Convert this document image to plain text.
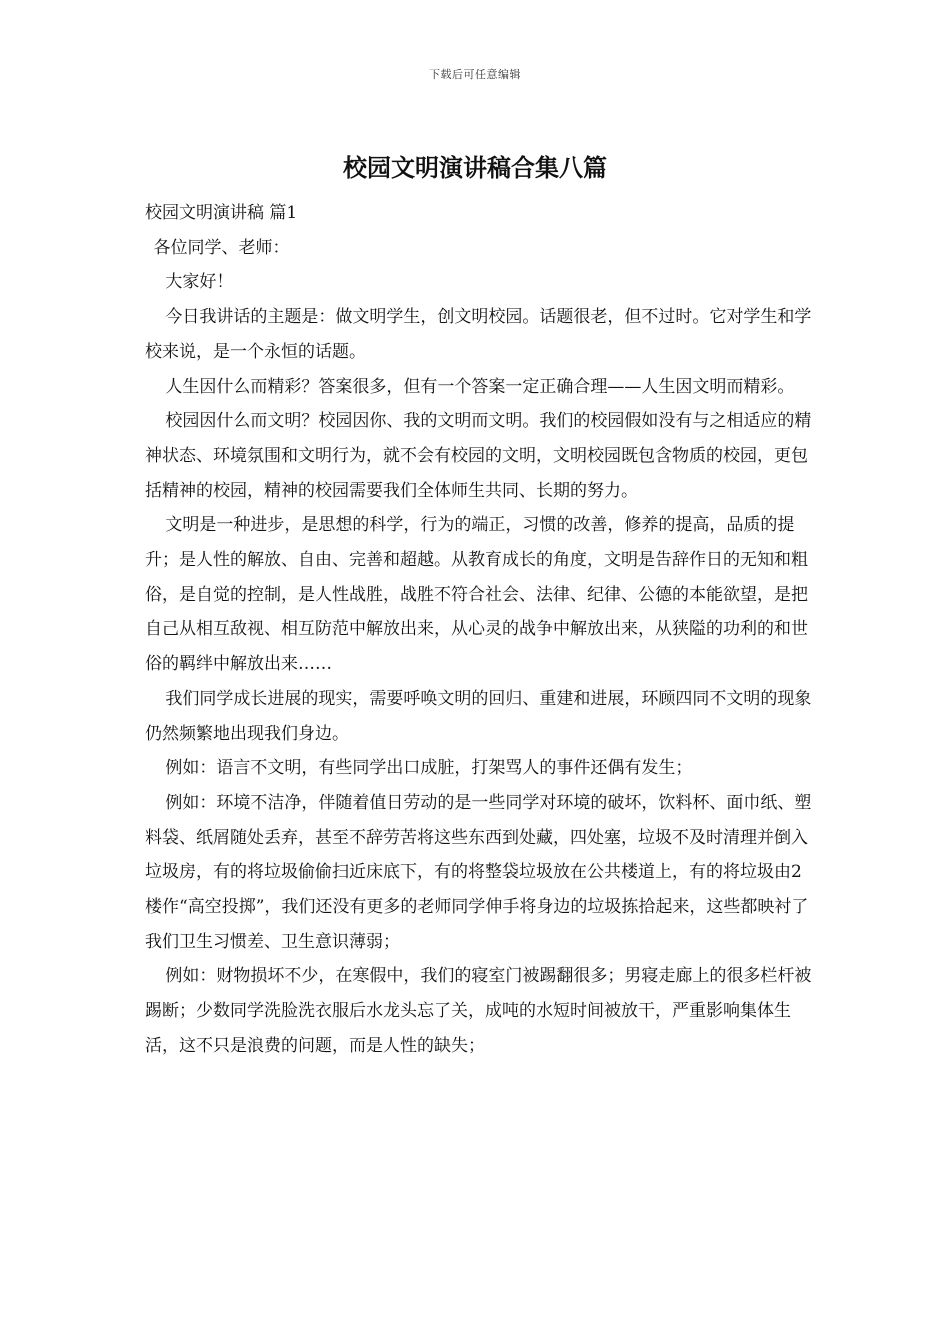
下载后可任意编辑
校园文明演讲稿合集八篇

校园文明演讲稿 篇1

各位同学、老师：

大家好！

今日我讲话的主题是：做文明学生，创文明校园。话题很老，但不过时。它对学生和学校来说，是一个永恒的话题。

人生因什么而精彩？答案很多，但有一个答案一定正确合理——人生因文明而精彩。

校园因什么而文明？校园因你、我的文明而文明。我们的校园假如没有与之相适应的精神状态、环境氛围和文明行为，就不会有校园的文明，文明校园既包含物质的校园，更包括精神的校园，精神的校园需要我们全体师生共同、长期的努力。

文明是一种进步，是思想的科学，行为的端正，习惯的改善，修养的提高，品质的提升；是人性的解放、自由、完善和超越。从教育成长的角度，文明是告辞作日的无知和粗俗，是自觉的控制，是人性战胜，战胜不符合社会、法律、纪律、公德的本能欲望，是把自己从相互敌视、相互防范中解放出来，从心灵的战争中解放出来，从狭隘的功利的和世俗的羁绊中解放出来……

我们同学成长进展的现实，需要呼唤文明的回归、重建和进展，环顾四同不文明的现象仍然频繁地出现我们身边。

例如：语言不文明，有些同学出口成脏，打架骂人的事件还偶有发生；

例如：环境不洁净，伴随着值日劳动的是一些同学对环境的破坏，饮料杯、面巾纸、塑料袋、纸屑随处丢弃，甚至不辞劳苦将这些东西到处藏，四处塞，垃圾不及时清理并倒入垃圾房，有的将垃圾偷偷扫近床底下，有的将整袋垃圾放在公共楼道上，有的将垃圾由2楼作“高空投掷”，我们还没有更多的老师同学伸手将身边的垃圾拣拾起来，这些都映衬了我们卫生习惯差、卫生意识薄弱；

例如：财物损坏不少，在寒假中，我们的寝室门被踢翻很多；男寝走廊上的很多栏杆被踢断；少数同学洗脸洗衣服后水龙头忘了关，成吨的水短时间被放干，严重影响集体生活，这不只是浪费的问题，而是人性的缺失；
